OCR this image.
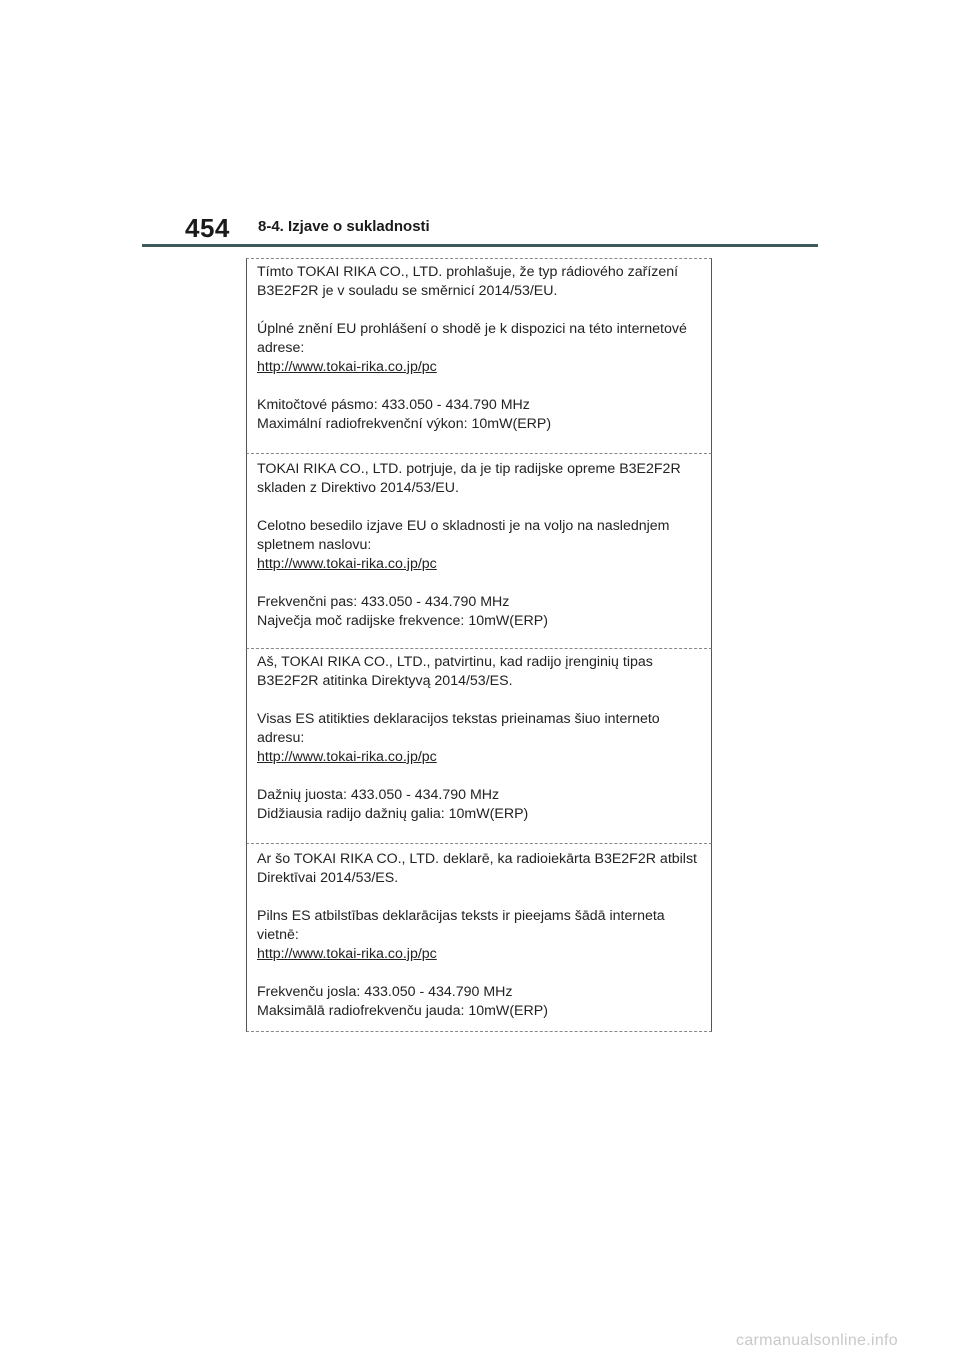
454 8-4. Izjave o sukladnosti

Tímto TOKAI RIKA CO., LTD. prohlašuje, že typ rádiového zařízení B3E2F2R je v souladu se směrnicí 2014/53/EU.

Úplné znění EU prohlášení o shodě je k dispozici na této internetové adrese:

http://www.tokai-rika.co.jp/pc

Kmitočtové pásmo: 433.050 - 434.790 MHz

Maximální radiofrekvenční výkon: 10mW(ERP)

TOKAI RIKA CO., LTD. potrjuje, da je tip radijske opreme B3E2F2R skladen z Direktivo 2014/53/EU.

Celotno besedilo izjave EU o skladnosti je na voljo na naslednjem spletnem naslovu:

http://www.tokai-rika.co.jp/pc

Frekvenčni pas: 433.050 - 434.790 MHz

Največja moč radijske frekvence: 10mW(ERP)

Aš, TOKAI RIKA CO., LTD., patvirtinu, kad radijo įrenginių tipas B3E2F2R atitinka Direktyvą 2014/53/ES.

Visas ES atitikties deklaracijos tekstas prieinamas šiuo interneto adresu:

http://www.tokai-rika.co.jp/pc

Dažnių juosta: 433.050 - 434.790 MHz

Didžiausia radijo dažnių galia: 10mW(ERP)

Ar šo TOKAI RIKA CO., LTD. deklarē, ka radioiekārta B3E2F2R atbilst Direktīvai 2014/53/ES.

Pilns ES atbilstības deklarācijas teksts ir pieejams šādā interneta vietnē:

http://www.tokai-rika.co.jp/pc

Frekvenču josla: 433.050 - 434.790 MHz

Maksimālā radiofrekvenču jauda: 10mW(ERP)

carmanualsonline.info
